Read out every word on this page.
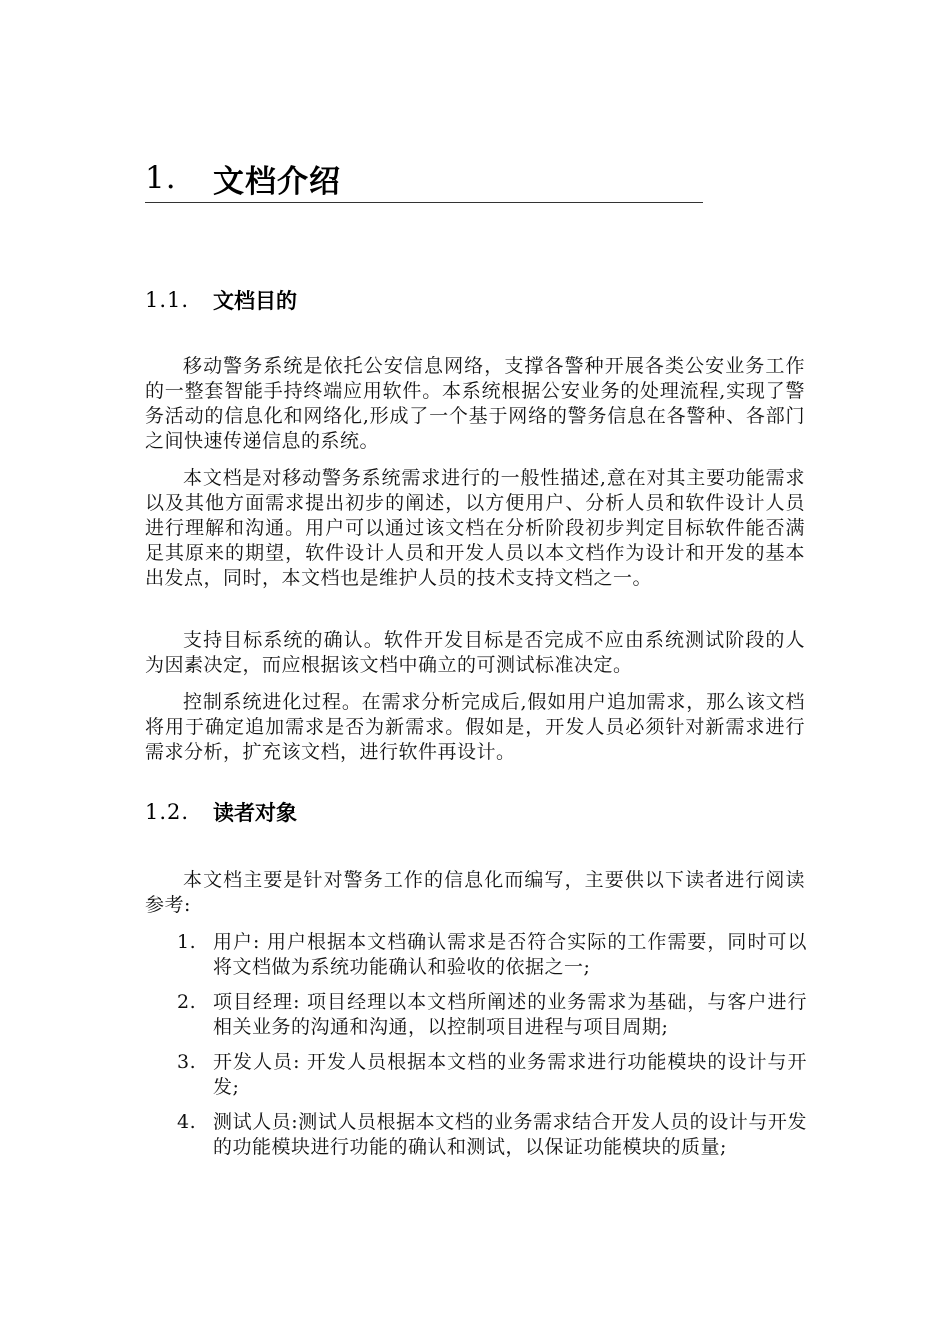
1.	文档介绍
1.1.	文档目的

移动警务系统是依托公安信息网络，支撑各警种开展各类公安业务工作的一整套智能手持终端应用软件。本系统根据公安业务的处理流程,实现了警务活动的信息化和网络化,形成了一个基于网络的警务信息在各警种、各部门之间快速传递信息的系统。

本文档是对移动警务系统需求进行的一般性描述,意在对其主要功能需求以及其他方面需求提出初步的阐述，以方便用户、分析人员和软件设计人员进行理解和沟通。用户可以通过该文档在分析阶段初步判定目标软件能否满足其原来的期望，软件设计人员和开发人员以本文档作为设计和开发的基本出发点，同时，本文档也是维护人员的技术支持文档之一。

支持目标系统的确认。软件开发目标是否完成不应由系统测试阶段的人为因素决定，而应根据该文档中确立的可测试标准决定。

控制系统进化过程。在需求分析完成后,假如用户追加需求，那么该文档将用于确定追加需求是否为新需求。假如是，开发人员必须针对新需求进行需求分析，扩充该文档，进行软件再设计。

1.2.	读者对象

本文档主要是针对警务工作的信息化而编写，主要供以下读者进行阅读参考:

1. 用户: 用户根据本文档确认需求是否符合实际的工作需要，同时可以将文档做为系统功能确认和验收的依据之一;
2. 项目经理: 项目经理以本文档所阐述的业务需求为基础，与客户进行相关业务的沟通和沟通，以控制项目进程与项目周期;
3. 开发人员: 开发人员根据本文档的业务需求进行功能模块的设计与开发;
4. 测试人员:测试人员根据本文档的业务需求结合开发人员的设计与开发的功能模块进行功能的确认和测试，以保证功能模块的质量;
